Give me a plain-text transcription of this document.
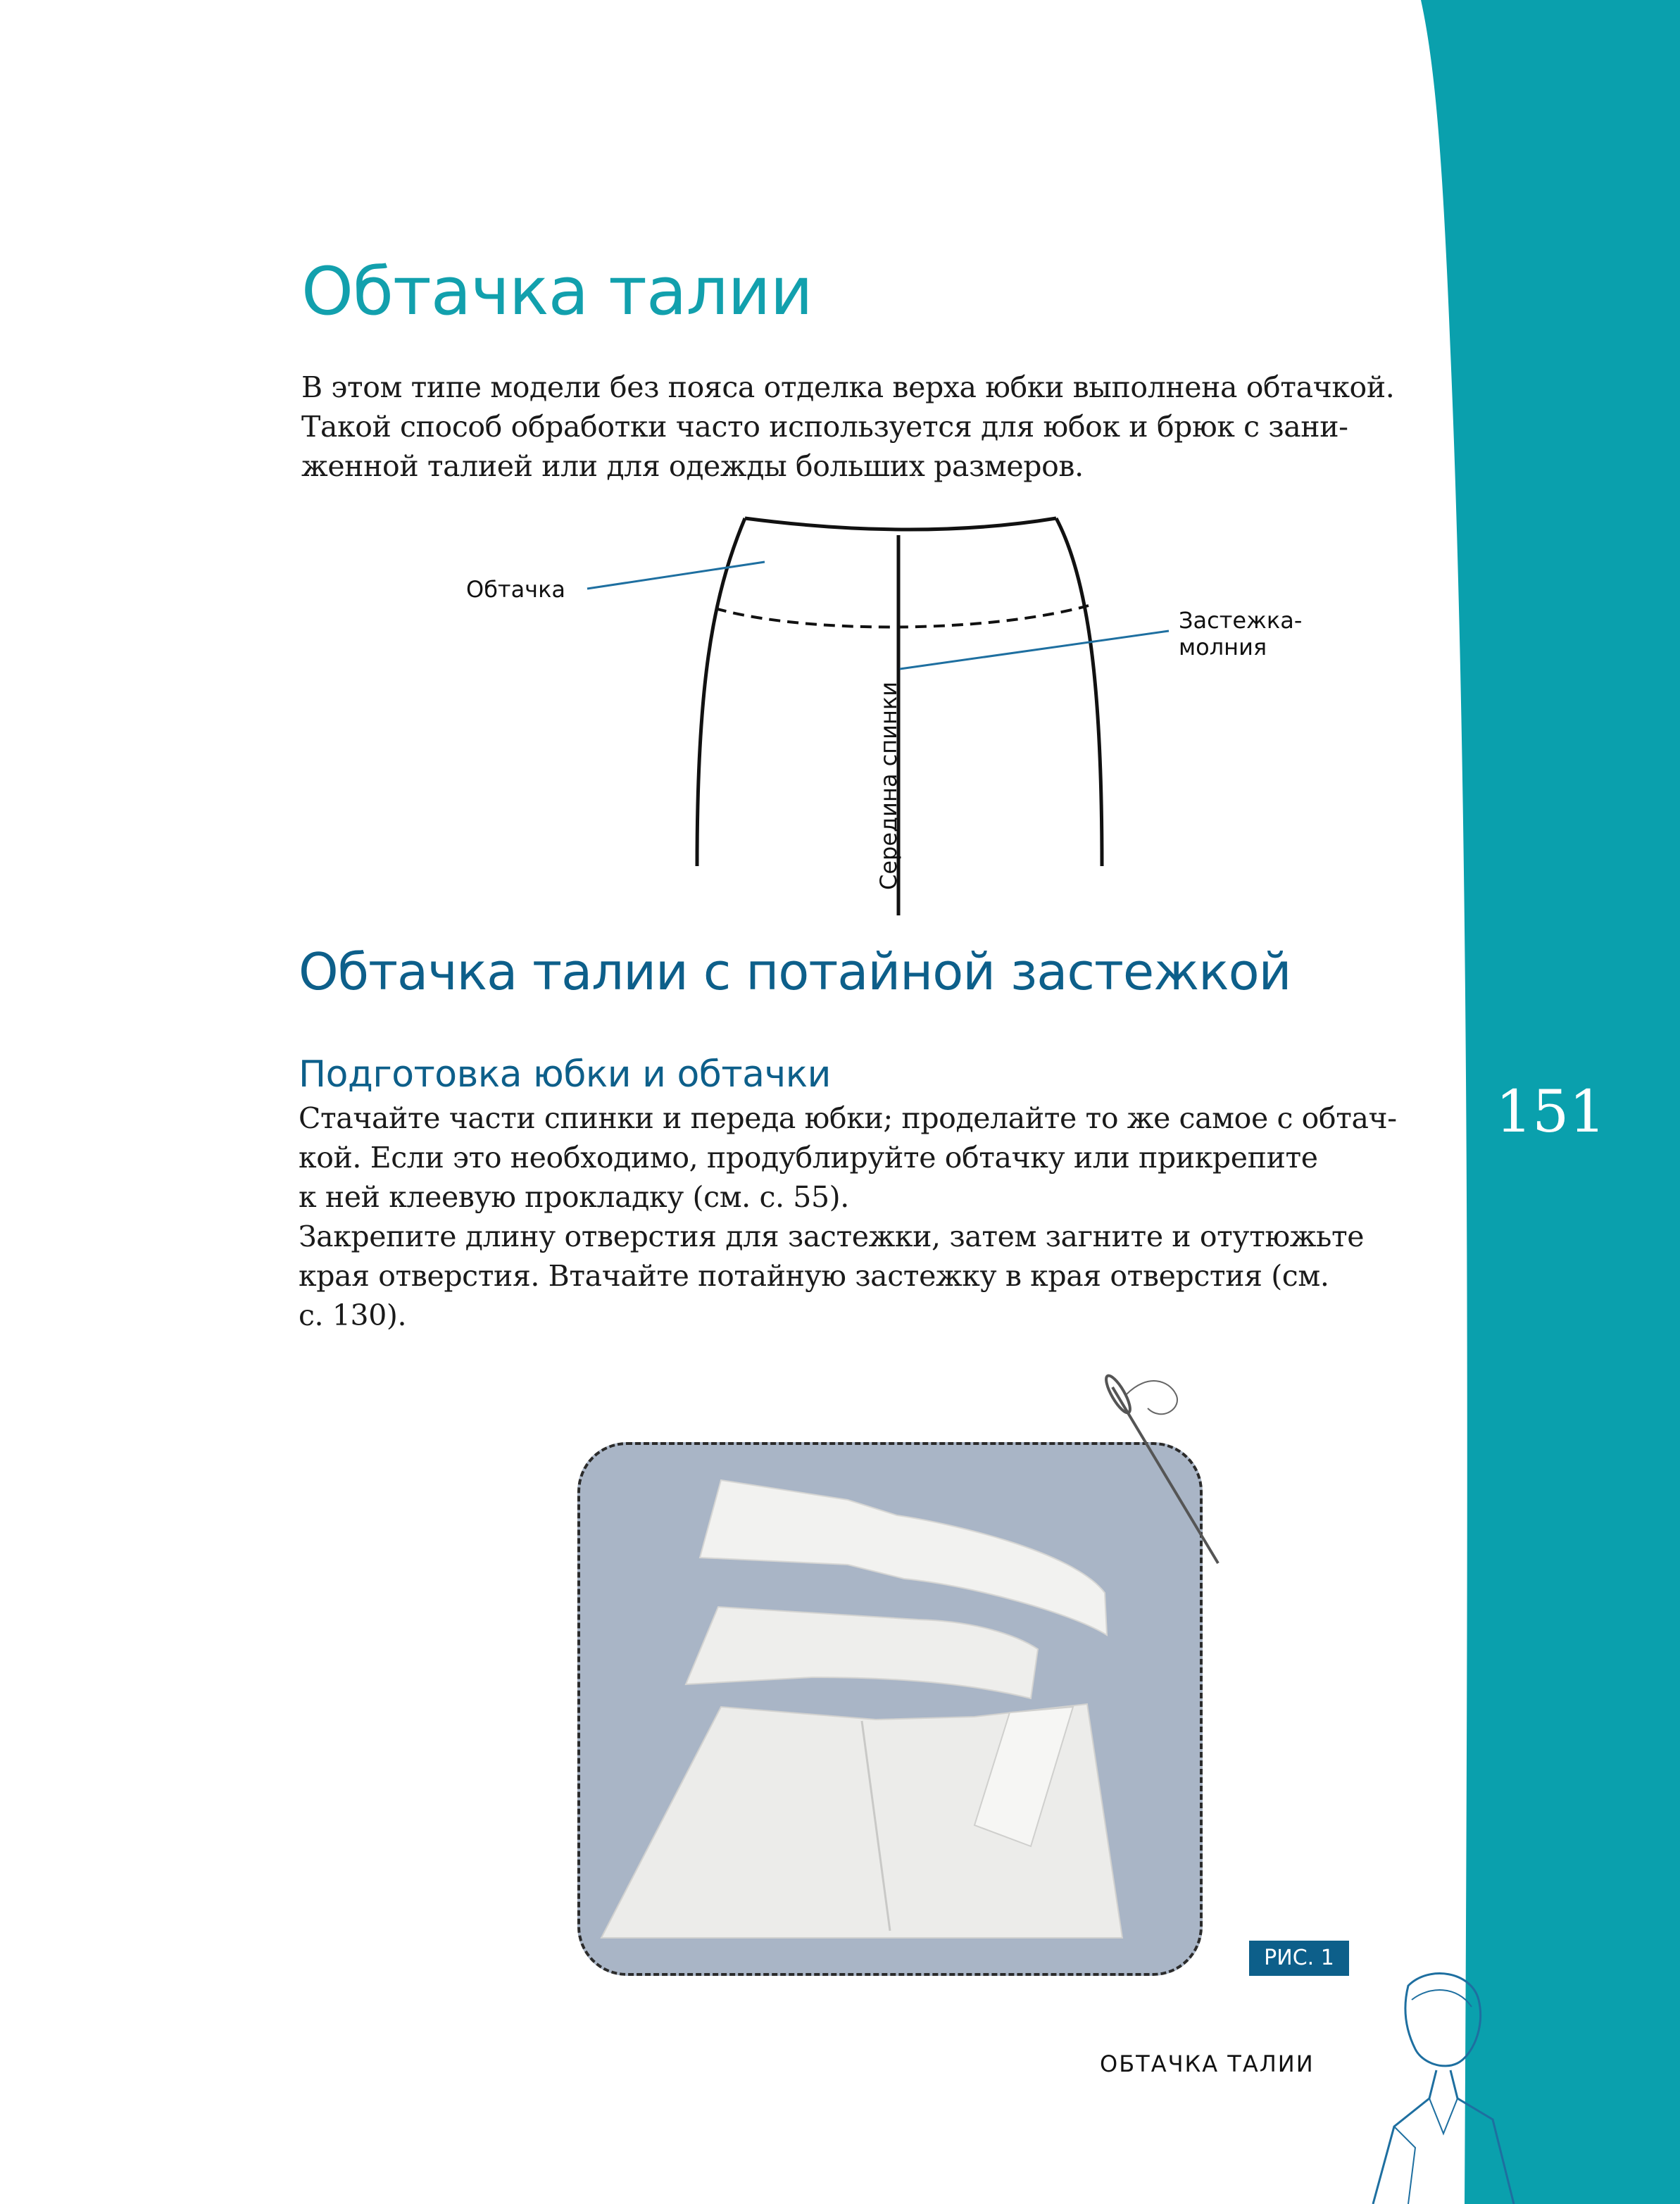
Обтачка талии

В этом типе модели без пояса отделка верха юбки выполнена обтачкой.

Такой способ обработки часто используется для юбок и брюк с зани-

женной талией или для одежды больших размеров.

Обтачка
Застежка-
молния
Середина спинки
Обтачка талии с потайной застежкой
Подготовка юбки и обтачки

Стачайте части спинки и переда юбки; проделайте то же самое с обтач-

кой. Если это необходимо, продублируйте обтачку или прикрепите

к ней клеевую прокладку (см. с. 55).

Закрепите длину отверстия для застежки, затем загните и отутюжьте

края отверстия. Втачайте потайную застежку в края отверстия (см.

с. 130).

РИС. 1
151
ОБТАЧКА ТАЛИИ
